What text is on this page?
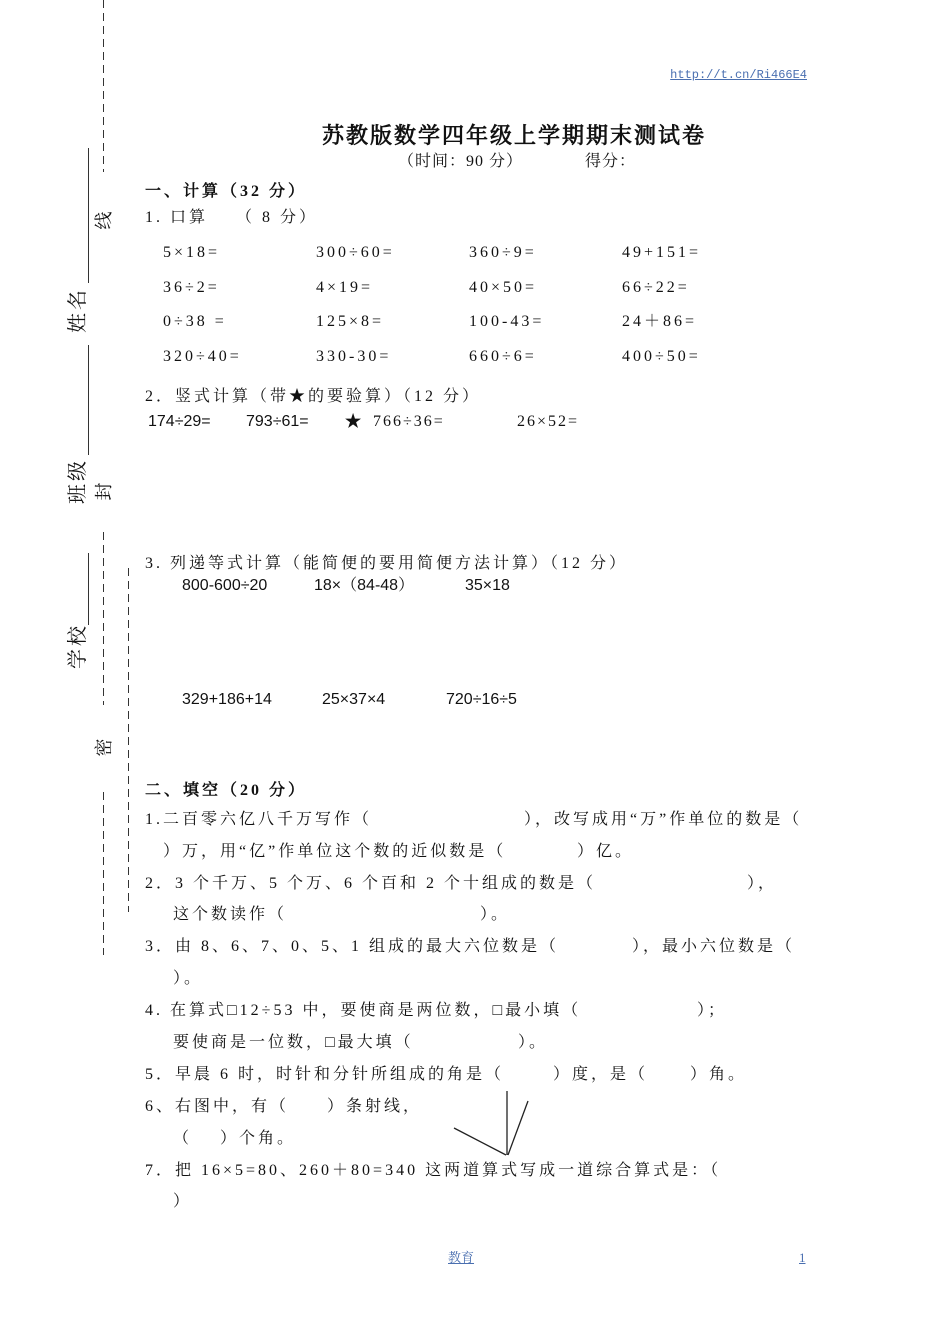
线
姓名
班级 封
学校
密
http://t.cn/Ri466E4
苏教版数学四年级上学期期末测试卷
（时间：90 分）	得分：
一、计算（32 分）
1. 口算    （ 8 分）
5×18=	300÷60=	360÷9=	49+151=
36÷2=	4×19=	40×50=	66÷22=
0÷38 =	125×8=	100-43=	24＋86=
320÷40=	330-30=	660÷6=	400÷50=
2．竖式计算（带★的要验算）（12 分）
174÷29= 793÷61= ★ 766÷36=	26×52=
3. 列递等式计算（能简便的要用简便方法计算）（12 分）
800-600÷20	18×（84-48）	35×18
329+186+14	25×37×4	720÷16÷5
二、填空（20 分）
1.二百零六亿八千万写作（	），改写成用“万”作单位的数是（
）万，用“亿”作单位这个数的近似数是（	）亿。
2．3 个千万、5 个万、6 个百和 2 个十组成的数是（	），
这个数读作（	）。
3．由 8、6、7、0、5、1 组成的最大六位数是（	），最小六位数是（
）。
4. 在算式□12÷53 中，要使商是两位数，□最小填（	）；
要使商是一位数，□最大填（	）。
5．早晨 6 时，时针和分针所组成的角是（	）度，是（	）角。
6、右图中，有（ ）条射线，
（ ）个角。
7．把 16×5=80、260＋80=340 这两道算式写成一道综合算式是：（
）
教育	1
